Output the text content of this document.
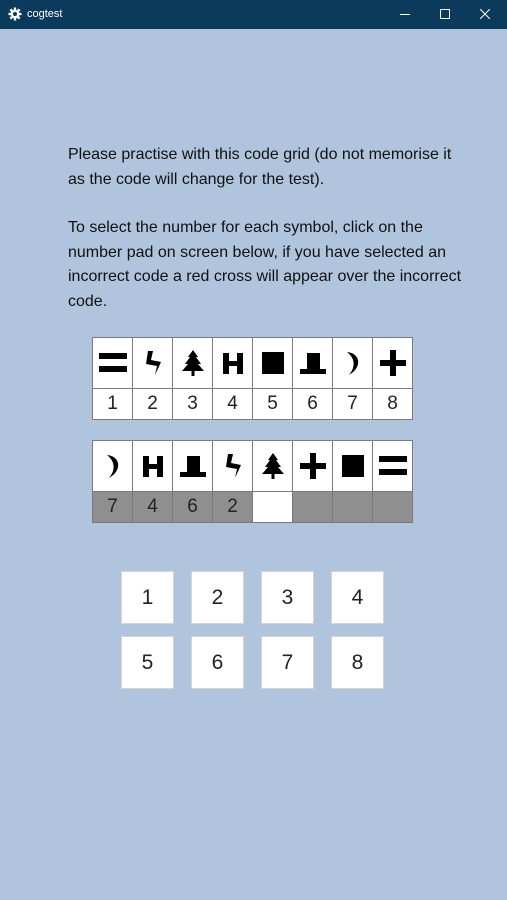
cogtest

Please practise with this code grid (do not memorise it as the code will change for the test).

To select the number for each symbol, click on the number pad on screen below, if you have selected an incorrect code a red cross will appear over the incorrect code.

1	2	3	4	5	6	7	8
7	4	6	2
1	2	3	4
5	6	7	8
